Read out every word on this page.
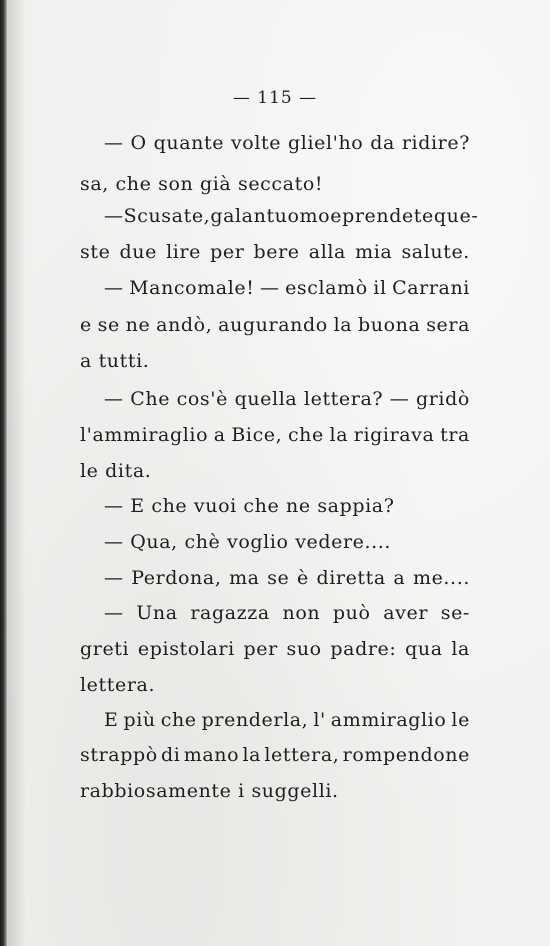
— 115 —
— O quante volte gliel'ho da ridire?
sa, che son già seccato!
— Scusate, galantuomo e prendete que-
ste due lire per bere alla mia salute.
— Mancomale! — esclamò il Carrani
e se ne andò, augurando la buona sera
a tutti.
— Che cos'è quella lettera? — gridò
l'ammiraglio a Bice, che la rigirava tra
le dita.
— E che vuoi che ne sappia?
— Qua, chè voglio vedere....
— Perdona, ma se è diretta a me....
— Una ragazza non può aver se-
greti epistolari per suo padre: qua la
lettera.
E più che prenderla, l' ammiraglio le
strappò di mano la lettera, rompendone
rabbiosamente i suggelli.
